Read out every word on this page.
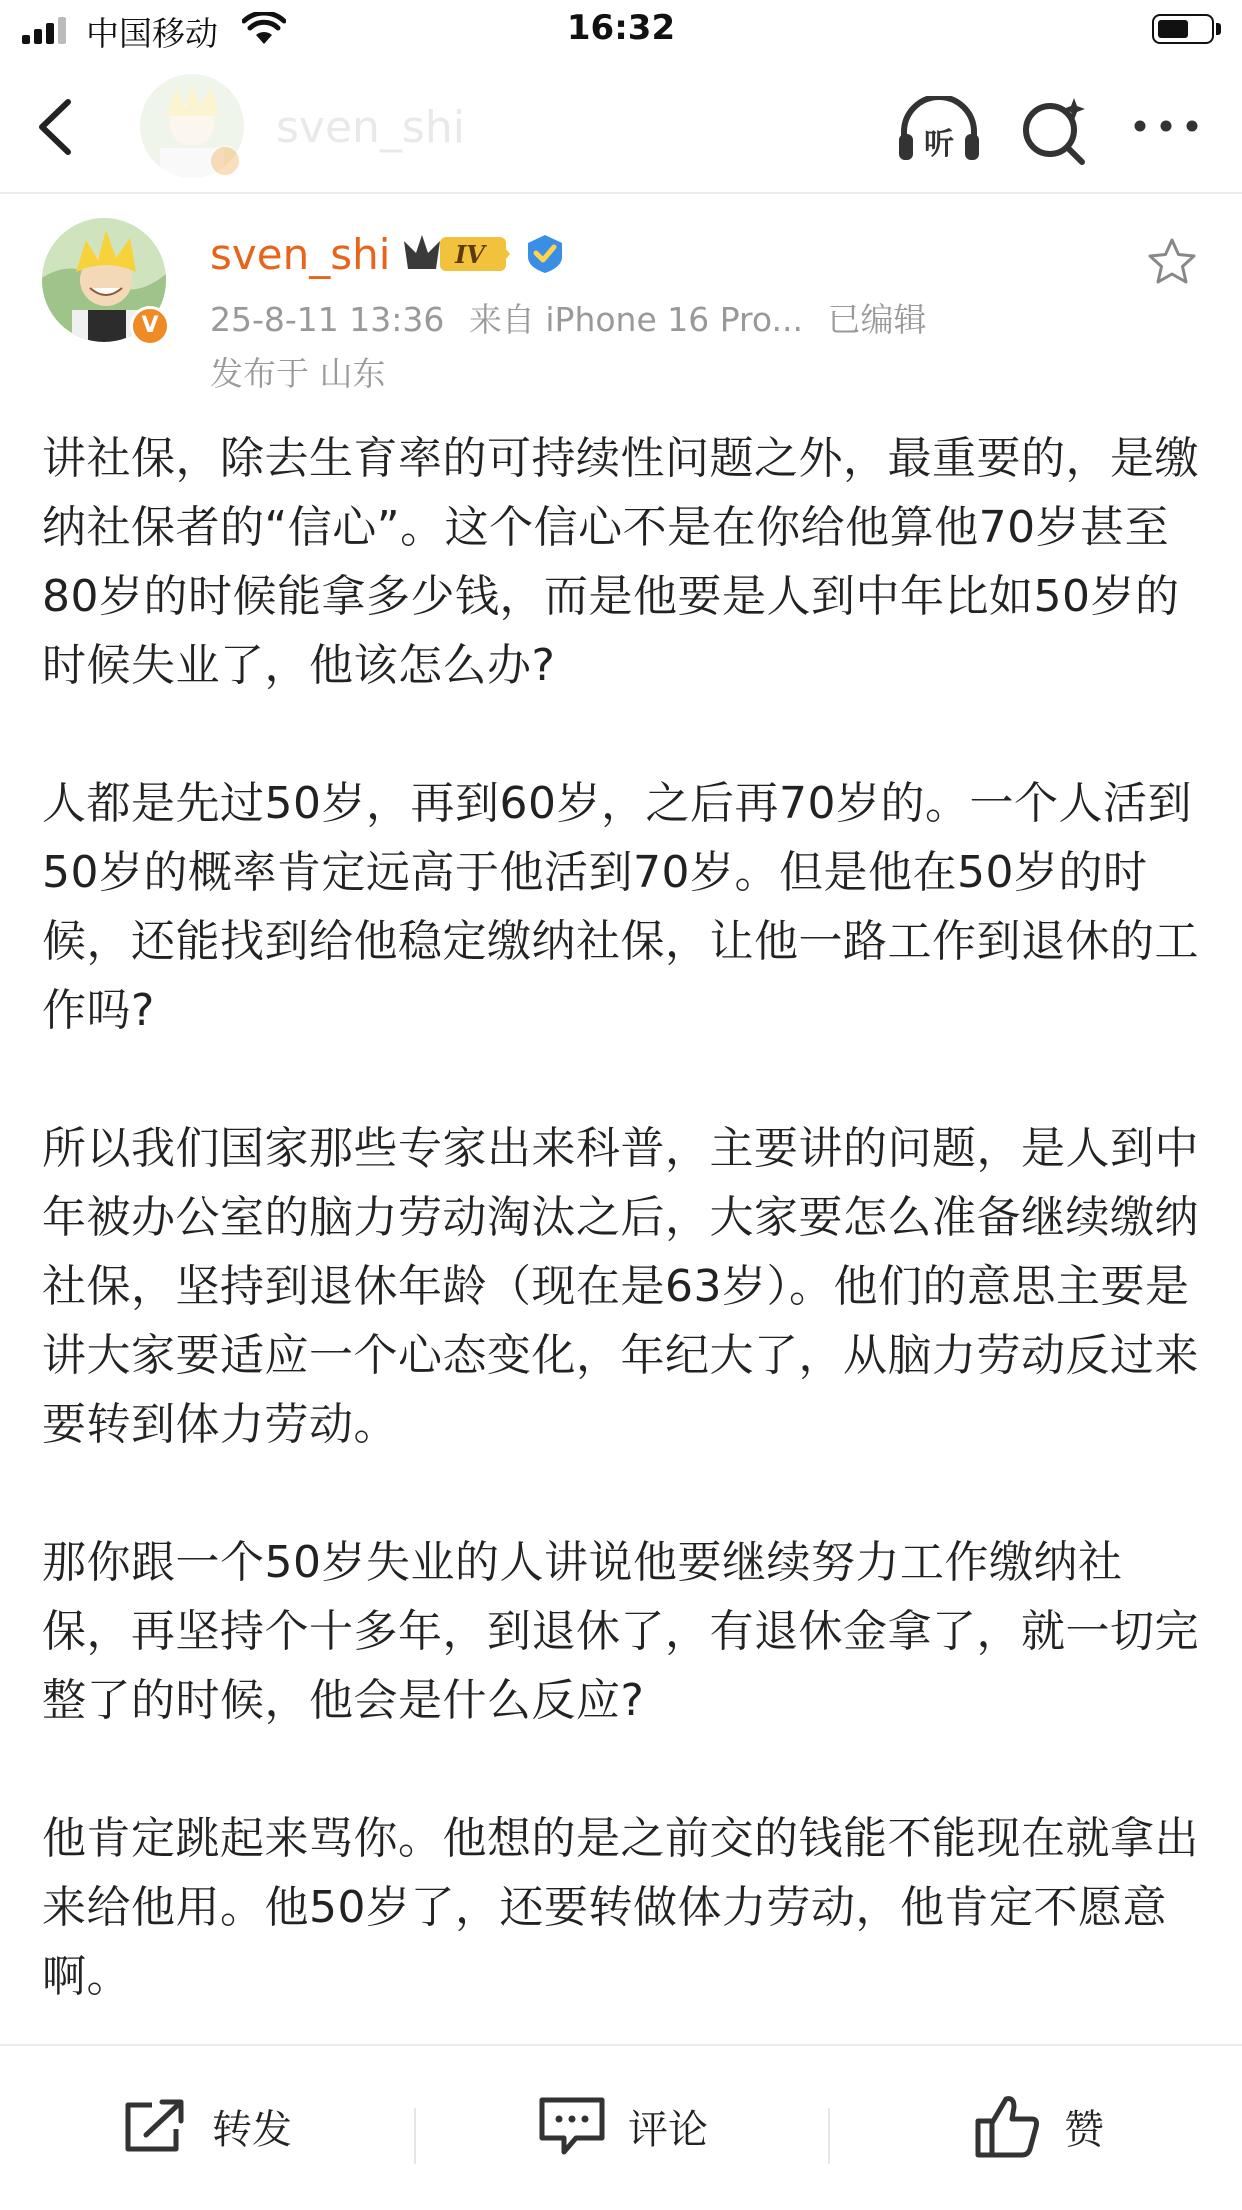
中国移动	16:32
sven_shi	听
V
sven_shi	IV
25-8-11 13:36 来自 iPhone 16 Pro... 已编辑
发布于 山东

讲社保，除去生育率的可持续性问题之外，最重要的，是缴纳社保者的“信心”。这个信心不是在你给他算他70岁甚至80岁的时候能拿多少钱，而是他要是人到中年比如50岁的时候失业了，他该怎么办?

人都是先过50岁，再到60岁，之后再70岁的。一个人活到50岁的概率肯定远高于他活到70岁。但是他在50岁的时候，还能找到给他稳定缴纳社保，让他一路工作到退休的工作吗?

所以我们国家那些专家出来科普，主要讲的问题，是人到中年被办公室的脑力劳动淘汰之后，大家要怎么准备继续缴纳社保，坚持到退休年龄（现在是63岁）。他们的意思主要是讲大家要适应一个心态变化，年纪大了，从脑力劳动反过来要转到体力劳动。

那你跟一个50岁失业的人讲说他要继续努力工作缴纳社保，再坚持个十多年，到退休了，有退休金拿了，就一切完整了的时候，他会是什么反应?

他肯定跳起来骂你。他想的是之前交的钱能不能现在就拿出来给他用。他50岁了，还要转做体力劳动，他肯定不愿意啊。

转发	评论	赞
